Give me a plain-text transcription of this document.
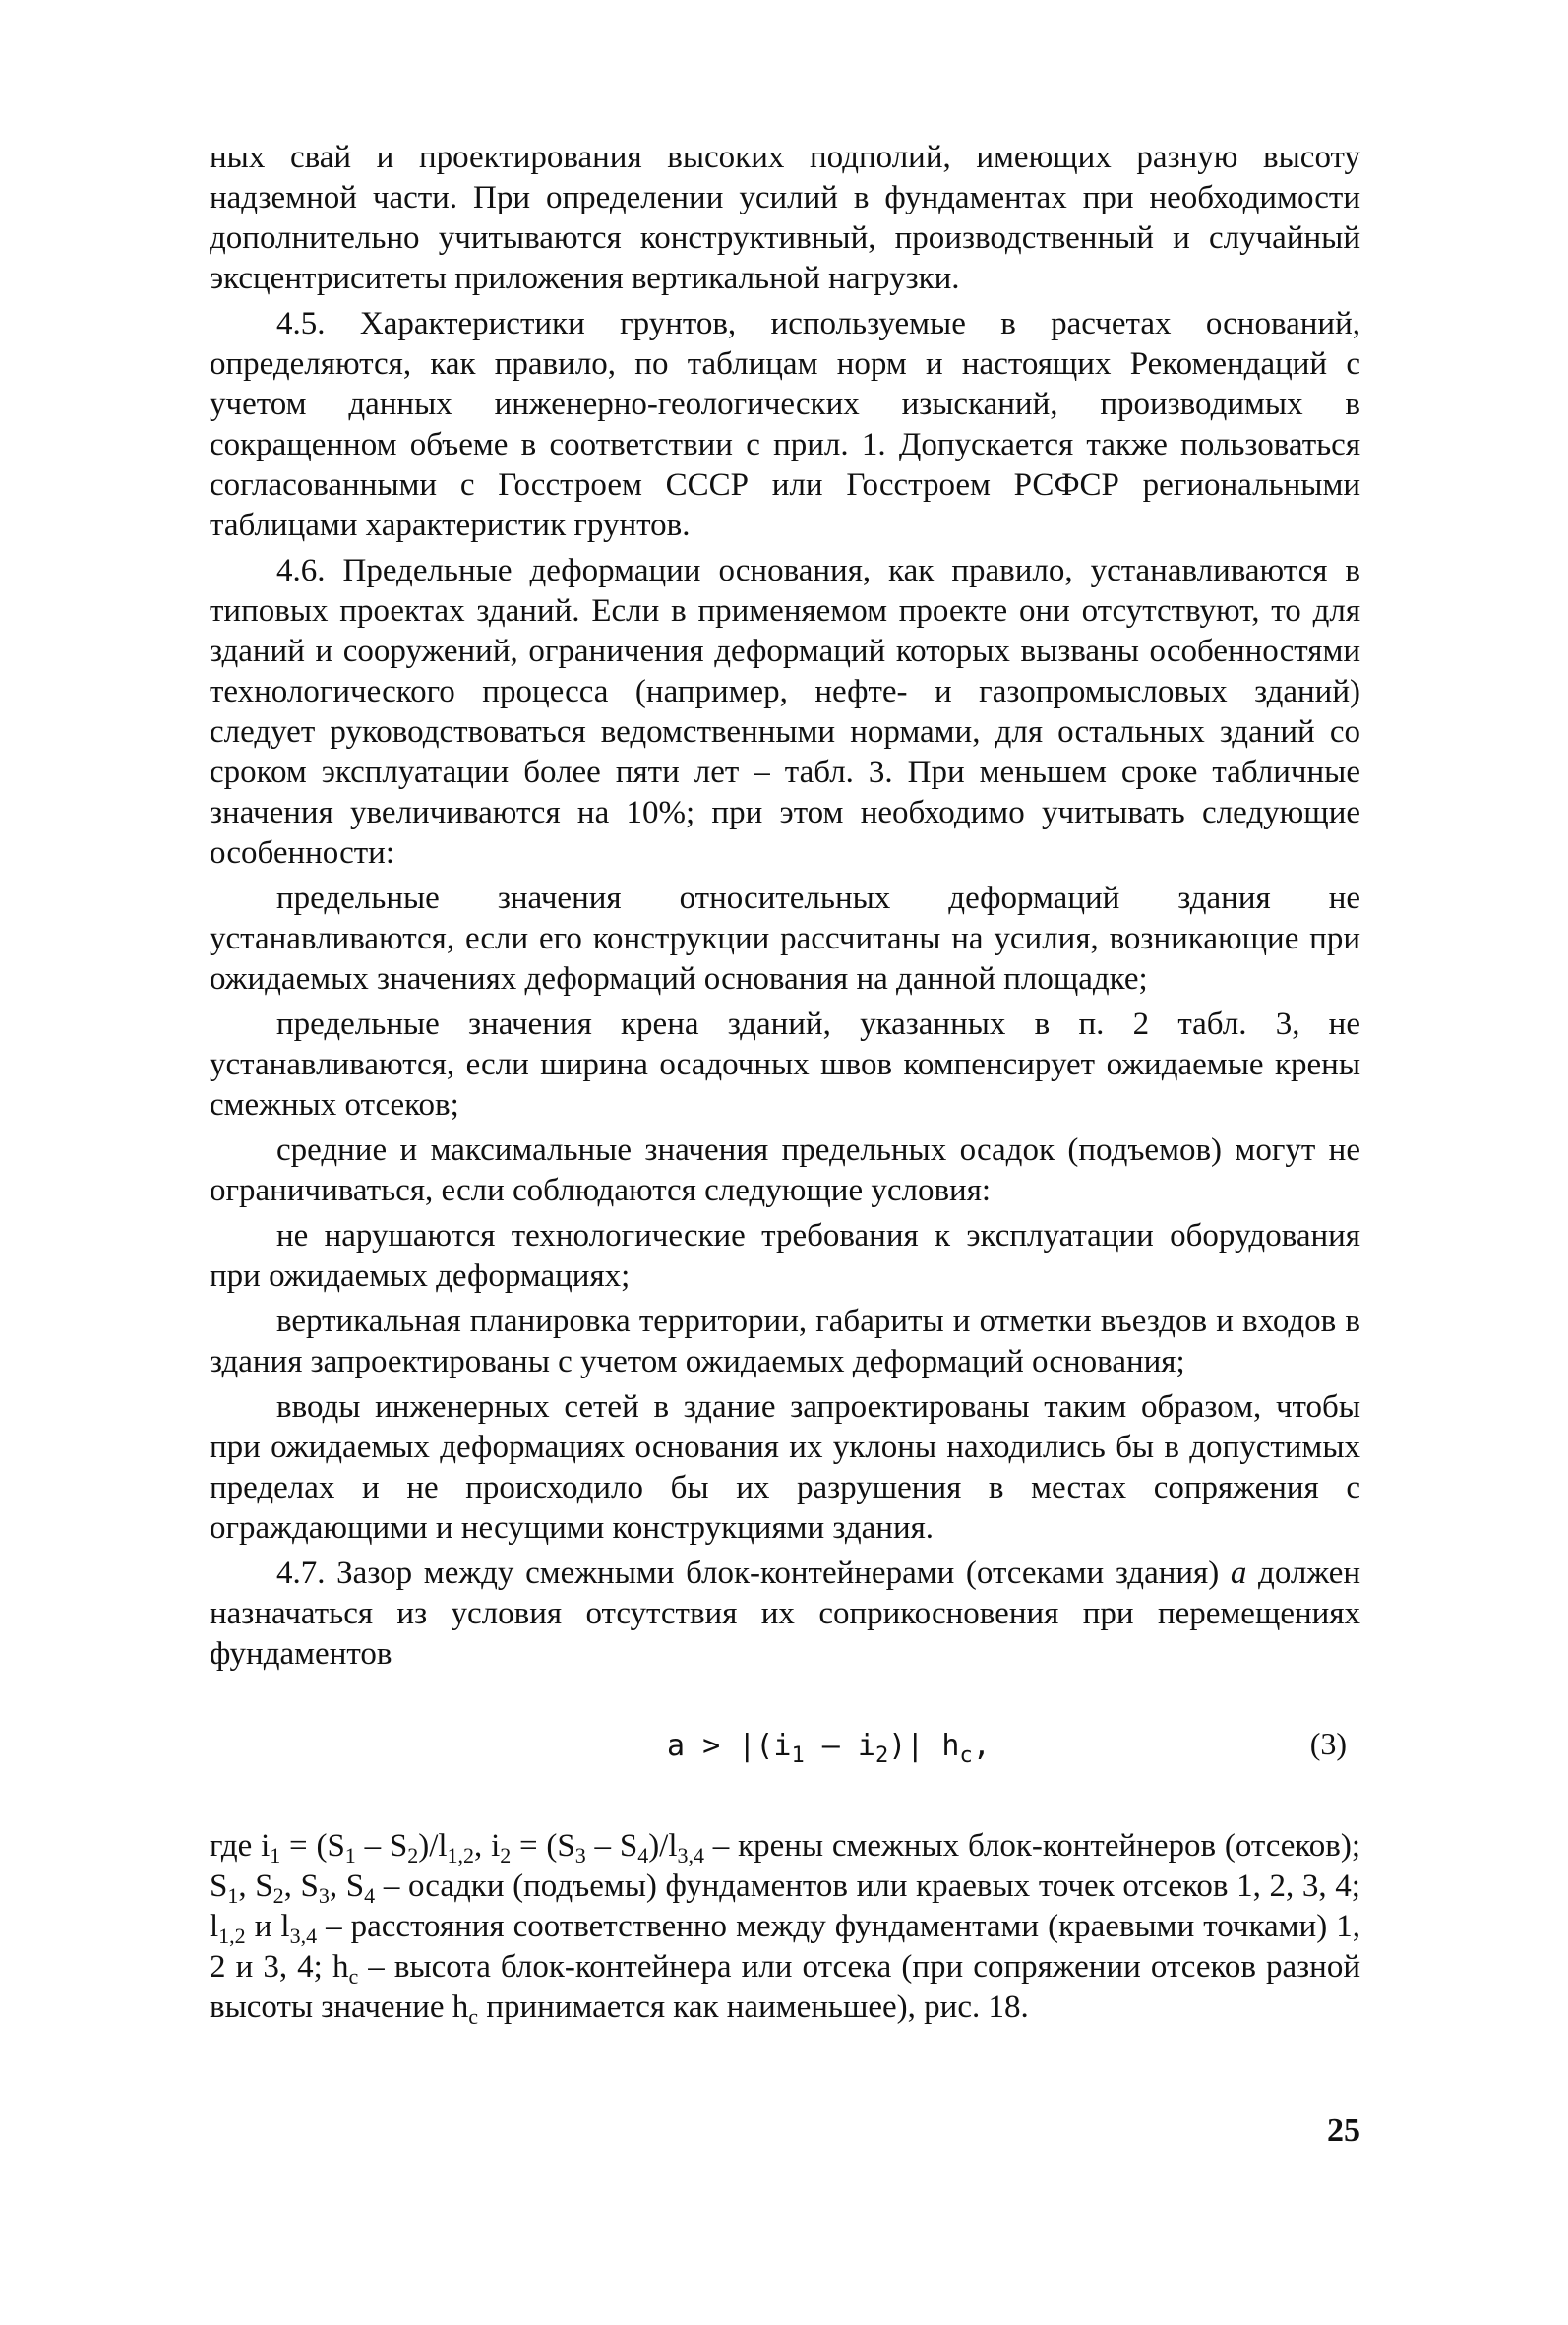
ных свай и проектирования высоких подполий, имеющих разную высоту надземной части. При определении усилий в фундаментах при необходимости дополнительно учитываются конструктивный, производственный и случайный эксцентриситеты приложения вертикальной нагрузки.

4.5. Характеристики грунтов, используемые в расчетах оснований, определяются, как правило, по таблицам норм и настоящих Рекомендаций с учетом данных инженерно-геологических изысканий, производимых в сокращенном объеме в соответствии с прил. 1. Допускается также пользоваться согласованными с Госстроем СССР или Госстроем РСФСР региональными таблицами характеристик грунтов.

4.6. Предельные деформации основания, как правило, устанавливаются в типовых проектах зданий. Если в применяемом проекте они отсутствуют, то для зданий и сооружений, ограничения деформаций которых вызваны особенностями технологического процесса (например, нефте- и газопромысловых зданий) следует руководствоваться ведомственными нормами, для остальных зданий со сроком эксплуатации более пяти лет – табл. 3. При меньшем сроке табличные значения увеличиваются на 10%; при этом необходимо учитывать следующие особенности:

предельные значения относительных деформаций здания не устанавливаются, если его конструкции рассчитаны на усилия, возникающие при ожидаемых значениях деформаций основания на данной площадке;

предельные значения крена зданий, указанных в п. 2 табл. 3, не устанавливаются, если ширина осадочных швов компенсирует ожидаемые крены смежных отсеков;

средние и максимальные значения предельных осадок (подъемов) могут не ограничиваться, если соблюдаются следующие условия:

не нарушаются технологические требования к эксплуатации оборудования при ожидаемых деформациях;

вертикальная планировка территории, габариты и отметки въездов и входов в здания запроектированы с учетом ожидаемых деформаций основания;

вводы инженерных сетей в здание запроектированы таким образом, чтобы при ожидаемых деформациях основания их уклоны находились бы в допустимых пределах и не происходило бы их разрушения в местах сопряжения с ограждающими и несущими конструкциями здания.

4.7. Зазор между смежными блок-контейнерами (отсеками здания) a должен назначаться из условия отсутствия их соприкосновения при перемещениях фундаментов

$a > |(i_1 - i_2)|$ $h_c$,	(3)

где $i_1 = (S_1 - S_2)/l_{1,2}$, $i_2 = (S_3 - S_4)/l_{3,4}$ – крены смежных блок-контейнеров (отсеков); $S_1$, $S_2$, $S_3$, $S_4$ – осадки (подъемы) фундаментов или краевых точек отсеков 1, 2, 3, 4; $l_{1,2}$ и $l_{3,4}$ – расстояния соответственно между фундаментами (краевыми точками) 1, 2 и 3, 4; $h_c$ – высота блок-контейнера или отсека (при сопряжении отсеков разной высоты значение $h_c$ принимается как наименьшее), рис. 18.

25
